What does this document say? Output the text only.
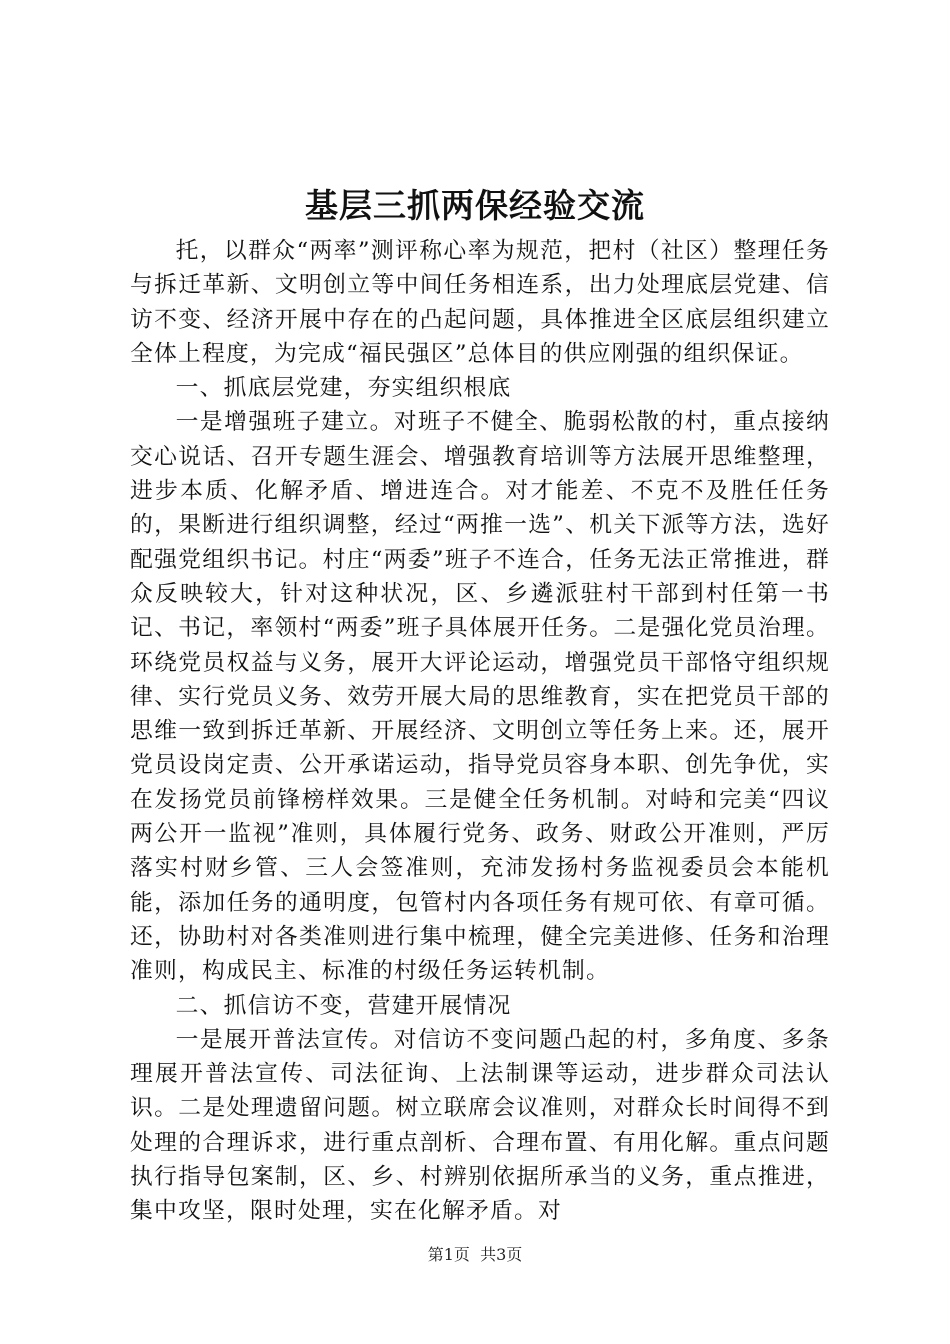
基层三抓两保经验交流

托，以群众“两率”测评称心率为规范，把村（社区）整理任务与拆迁革新、文明创立等中间任务相连系，出力处理底层党建、信访不变、经济开展中存在的凸起问题，具体推进全区底层组织建立全体上程度，为完成“福民强区”总体目的供应刚强的组织保证。

一、抓底层党建，夯实组织根底

一是增强班子建立。对班子不健全、脆弱松散的村，重点接纳交心说话、召开专题生涯会、增强教育培训等方法展开思维整理，进步本质、化解矛盾、增进连合。对才能差、不克不及胜任任务的，果断进行组织调整，经过“两推一选”、机关下派等方法，选好配强党组织书记。村庄“两委”班子不连合，任务无法正常推进，群众反映较大，针对这种状况，区、乡遴派驻村干部到村任第一书记、书记，率领村“两委”班子具体展开任务。二是强化党员治理。环绕党员权益与义务，展开大评论运动，增强党员干部恪守组织规律、实行党员义务、效劳开展大局的思维教育，实在把党员干部的思维一致到拆迁革新、开展经济、文明创立等任务上来。还，展开党员设岗定责、公开承诺运动，指导党员容身本职、创先争优，实在发扬党员前锋榜样效果。三是健全任务机制。对峙和完美“四议两公开一监视”准则，具体履行党务、政务、财政公开准则，严厉落实村财乡管、三人会签准则，充沛发扬村务监视委员会本能机能，添加任务的通明度，包管村内各项任务有规可依、有章可循。还，协助村对各类准则进行集中梳理，健全完美进修、任务和治理准则，构成民主、标准的村级任务运转机制。

二、抓信访不变，营建开展情况

一是展开普法宣传。对信访不变问题凸起的村，多角度、多条理展开普法宣传、司法征询、上法制课等运动，进步群众司法认识。二是处理遗留问题。树立联席会议准则，对群众长时间得不到处理的合理诉求，进行重点剖析、合理布置、有用化解。重点问题执行指导包案制，区、乡、村辨别依据所承当的义务，重点推进，集中攻坚，限时处理，实在化解矛盾。对

第1页 共3页
